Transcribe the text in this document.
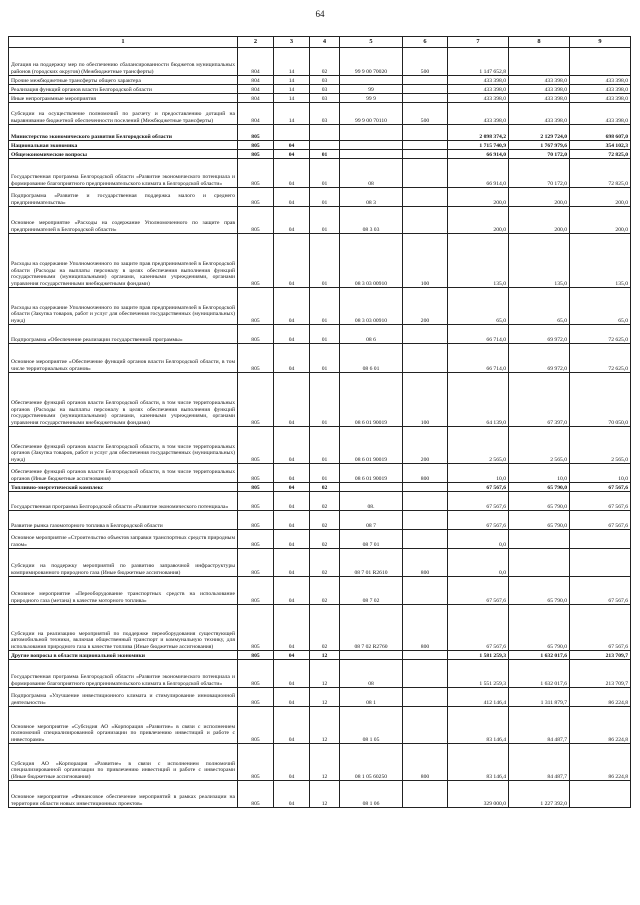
64
1	2	3	4	5	6	7	8	9
Дотация на поддержку мер по обеспечению сбалансированности бюджетов муниципальных районов (городских округов) (Межбюджетные трансферты)	804	14	02	99 9 00 70020	500	1 147 652,8		
Прочие межбюджетные трансферты общего характера	804	14	03			433 398,0	433 398,0	433 398,0
Реализация функций органов власти Белгородской области	804	14	03	99		433 398,0	433 398,0	433 398,0
Иные непрограммные мероприятия	804	14	03	99 9		433 398,0	433 398,0	433 398,0
Субсидии на осуществление полномочий по расчету и предоставлению дотаций на выравнивание бюджетной обеспеченности поселений (Межбюджетные трансферты)	804	14	03	99 9 00 70110	500	433 398,0	433 398,0	433 398,0
Министерство экономического развития Белгородской области	805					2 098 374,2	2 129 724,0	698 607,0
Национальная экономика	805	04				1 715 740,9	1 767 979,6	354 102,3
Общеэкономические вопросы	805	04	01			66 914,0	70 172,0	72 825,0
Государственная программа Белгородской области «Развитие экономического потенциала и формирование благоприятного предпринимательского климата в Белгородской области»	805	04	01	08		66 914,0	70 172,0	72 825,0
Подпрограмма «Развитие и государственная поддержка малого и среднего предпринимательства»	805	04	01	08 3		200,0	200,0	200,0
Основное мероприятие «Расходы на содержание Уполномоченного по защите прав предпринимателей в Белгородской области»	805	04	01	08 3 03		200,0	200,0	200,0
Расходы на содержание Уполномоченного по защите прав предпринимателей в Белгородской области (Расходы на выплаты персоналу в целях обеспечения выполнения функций государственными (муниципальными) органами, казенными учреждениями, органами управления государственными внебюджетными фондами)	805	04	01	08 3 03 00910	100	135,0	135,0	135,0
Расходы на содержание Уполномоченного по защите прав предпринимателей в Белгородской области (Закупка товаров, работ и услуг для обеспечения государственных (муниципальных) нужд)	805	04	01	08 3 03 00910	200	65,0	65,0	65,0
Подпрограмма «Обеспечение реализации государственной программы»	805	04	01	08 6		66 714,0	69 972,0	72 625,0
Основное мероприятие «Обеспечение функций органов власти Белгородской области, в том числе территориальных органов»	805	04	01	08 6 01		66 714,0	69 972,0	72 625,0
Обеспечение функций органов власти Белгородской области, в том числе территориальных органов (Расходы на выплаты персоналу в целях обеспечения выполнения функций государственными (муниципальными) органами, казенными учреждениями, органами управления государственными внебюджетными фондами)	805	04	01	08 6 01 90019	100	64 139,0	67 397,0	70 050,0
Обеспечение функций органов власти Белгородской области, в том числе территориальных органов (Закупка товаров, работ и услуг для обеспечения государственных (муниципальных) нужд)	805	04	01	08 6 01 90019	200	2 565,0	2 565,0	2 565,0
Обеспечение функций органов власти Белгородской области, в том числе территориальных органов (Иные бюджетные ассигнования)	805	04	01	08 6 01 90019	800	10,0	10,0	10,0
Топливно-энергетический комплекс	805	04	02			67 567,6	65 790,0	67 567,6
Государственная программа Белгородской области «Развитие экономического потенциала»	805	04	02	08.		67 567,6	65 790,0	67 567,6
Развитие рынка газомоторного топлива в Белгородской области	805	04	02	08 7		67 567,6	65 790,0	67 567,6
Основное мероприятие «Строительство объектов заправки транспортных средств природным газом»	805	04	02	08 7 01		0,0		
Субсидии на поддержку мероприятий по развитию заправочной инфраструктуры компримированного природного газа (Иные бюджетные ассигнования)	805	04	02	08 7 01 R2610	800	0,0		
Основное мероприятие «Переоборудование транспортных средств на использование природного газа (метана) в качестве моторного топлива»	805	04	02	08 7 02		67 567,6	65 790,0	67 567,6
Субсидии на реализацию мероприятий по поддержке переоборудования существующей автомобильной техники, включая общественный транспорт и коммунальную технику, для использования природного газа в качестве топлива (Иные бюджетные ассигнования)	805	04	02	08 7 02 R2760	800	67 567,6	65 790,0	67 567,6
Другие вопросы в области национальной экономики	805	04	12			1 581 259,3	1 632 017,6	213 709,7
Государственная программа Белгородской области «Развитие экономического потенциала и формирование благоприятного предпринимательского климата в Белгородской области»	805	04	12	08		1 551 259,3	1 632 017,6	213 709,7
Подпрограмма «Улучшение инвестиционного климата и стимулирование инновационной деятельности»	805	04	12	08 1		412 146,4	1 311 879,7	86 224,8
Основное мероприятие «Субсидия АО «Корпорация «Развитие» в связи с исполнением полномочий специализированной организации по привлечению инвестиций и работе с инвесторами»	805	04	12	08 1 05		83 146,4	84 487,7	86 224,8
Субсидия АО «Корпорация «Развитие» в связи с исполнением полномочий специализированной организации по привлечению инвестиций и работе с инвесторами (Иные бюджетные ассигнования)	805	04	12	08 1 05 60250	800	83 146,4	84 487,7	86 224,8
Основное мероприятие «Финансовое обеспечение мероприятий в рамках реализации на территории области новых инвестиционных проектов»	805	04	12	08 1 06		329 000,0	1 227 392,0	
